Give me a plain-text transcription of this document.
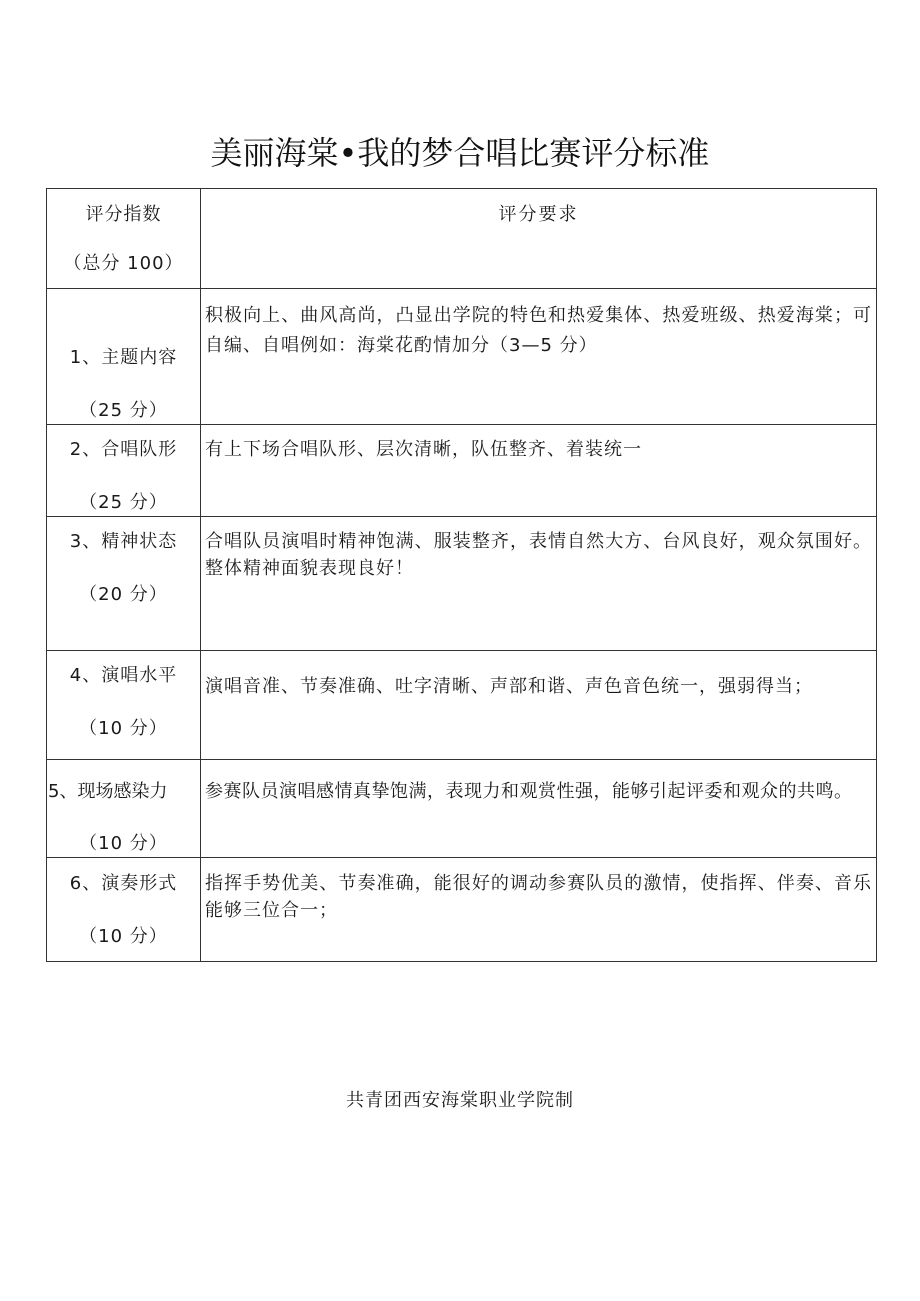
美丽海棠•我的梦合唱比赛评分标准
评分指数
（总分 100）	评分要求

1、主题内容
（25 分）	积极向上、曲风高尚，凸显出学院的特色和热爱集体、热爱班级、热爱海棠；可自编、自唱例如：海棠花酌情加分（3—5 分）

2、合唱队形
（25 分）	有上下场合唱队形、层次清晰，队伍整齐、着装统一

3、精神状态
（20 分）	合唱队员演唱时精神饱满、服装整齐，表情自然大方、台风良好，观众氛围好。整体精神面貌表现良好！

4、演唱水平
（10 分）	演唱音准、节奏准确、吐字清晰、声部和谐、声色音色统一，强弱得当；

5、现场感染力
（10 分）	参赛队员演唱感情真挚饱满，表现力和观赏性强，能够引起评委和观众的共鸣。

6、演奏形式
（10 分）	指挥手势优美、节奏准确，能很好的调动参赛队员的激情，使指挥、伴奏、音乐能够三位合一；
共青团西安海棠职业学院制
